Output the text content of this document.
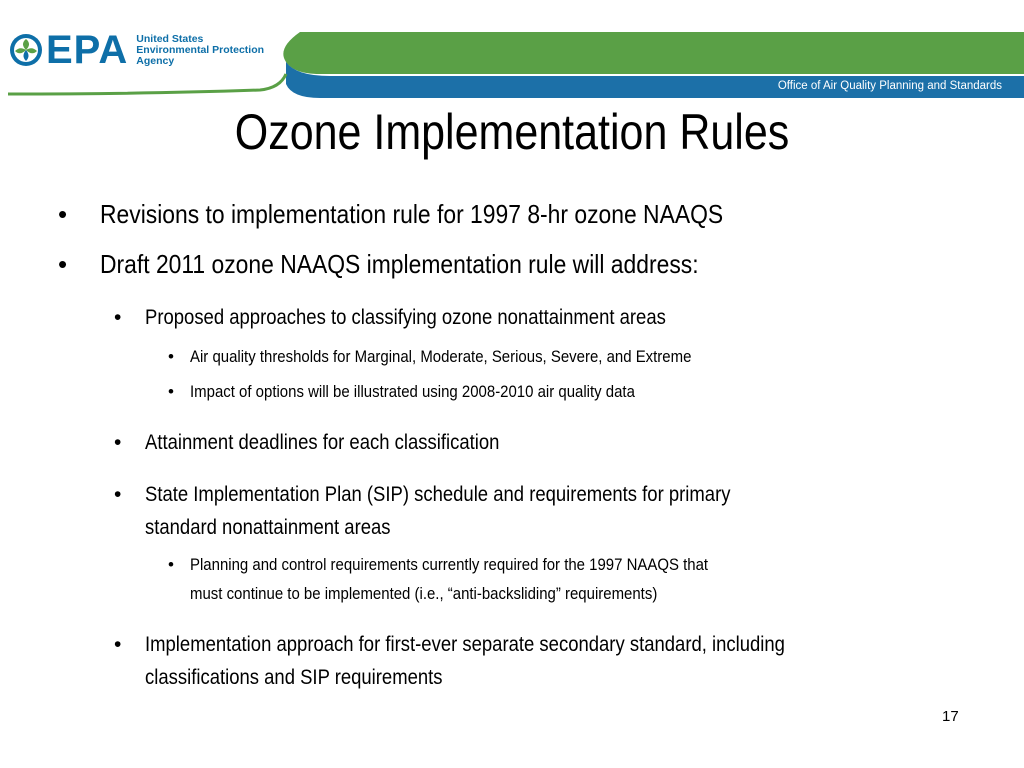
EPA United States
Environmental Protection
Agency
Office of Air Quality Planning and Standards
Ozone Implementation Rules
• Revisions to implementation rule for 1997 8-hr ozone NAAQS
• Draft 2011 ozone NAAQS implementation rule will address:
• Proposed approaches to classifying ozone nonattainment areas
• Air quality thresholds for Marginal, Moderate, Serious, Severe, and Extreme
• Impact of options will be illustrated using 2008-2010 air quality data
• Attainment deadlines for each classification
• State Implementation Plan (SIP) schedule and requirements for primary
standard nonattainment areas
• Planning and control requirements currently required for the 1997 NAAQS that
must continue to be implemented (i.e., “anti-backsliding” requirements)
• Implementation approach for first-ever separate secondary standard, including
classifications and SIP requirements
17
